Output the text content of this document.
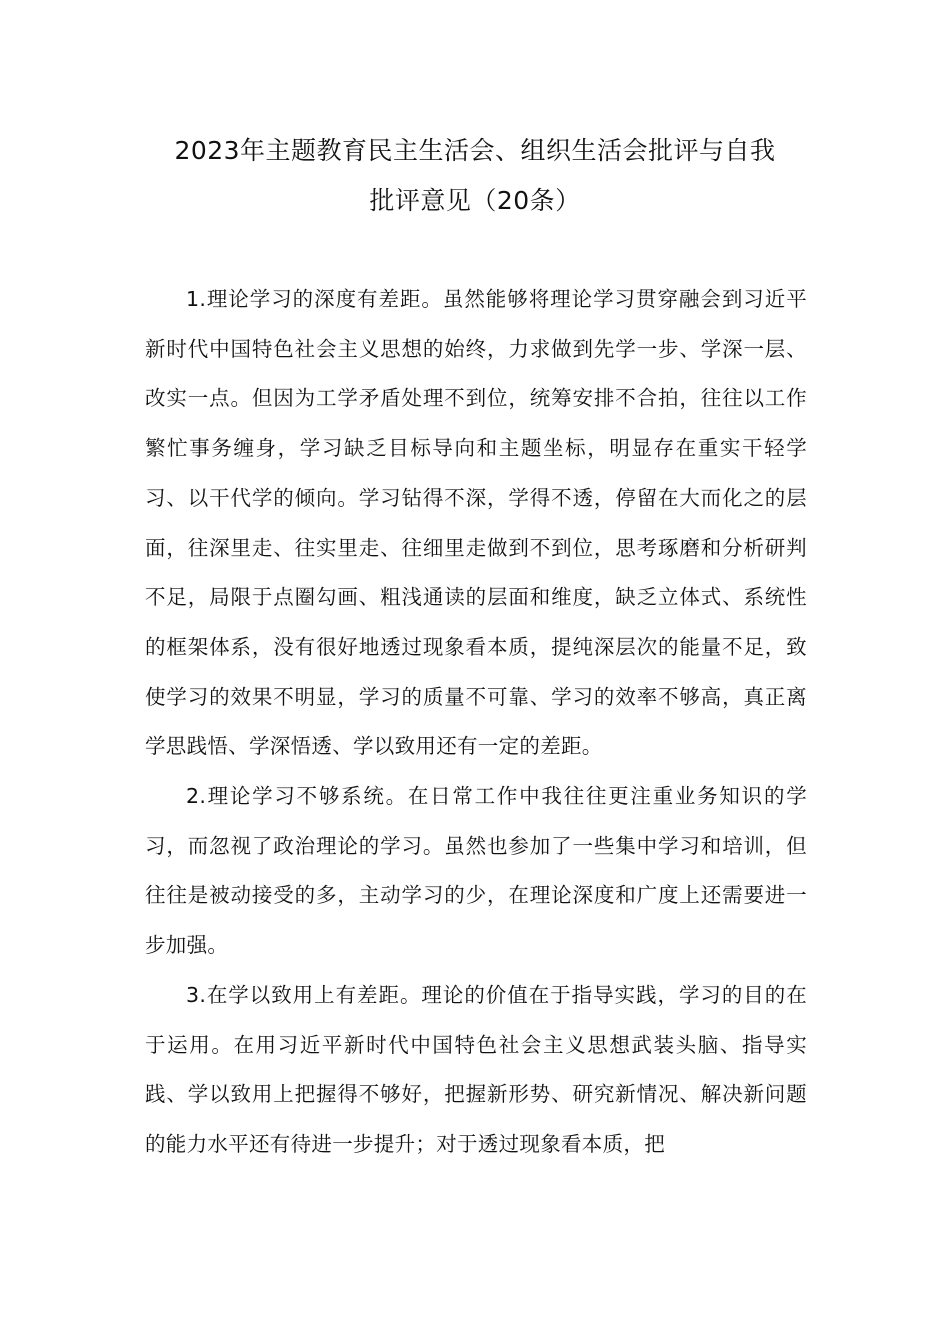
2023年主题教育民主生活会、组织生活会批评与自我
批评意见（20条）

1.理论学习的深度有差距。虽然能够将理论学习贯穿融会到习近平新时代中国特色社会主义思想的始终，力求做到先学一步、学深一层、改实一点。但因为工学矛盾处理不到位，统筹安排不合拍，往往以工作繁忙事务缠身，学习缺乏目标导向和主题坐标，明显存在重实干轻学习、以干代学的倾向。学习钻得不深，学得不透，停留在大而化之的层面，往深里走、往实里走、往细里走做到不到位，思考琢磨和分析研判不足，局限于点圈勾画、粗浅通读的层面和维度，缺乏立体式、系统性的框架体系，没有很好地透过现象看本质，提纯深层次的能量不足，致使学习的效果不明显，学习的质量不可靠、学习的效率不够高，真正离学思践悟、学深悟透、学以致用还有一定的差距。

2.理论学习不够系统。在日常工作中我往往更注重业务知识的学习，而忽视了政治理论的学习。虽然也参加了一些集中学习和培训，但往往是被动接受的多，主动学习的少，在理论深度和广度上还需要进一步加强。

3.在学以致用上有差距。理论的价值在于指导实践，学习的目的在于运用。在用习近平新时代中国特色社会主义思想武装头脑、指导实践、学以致用上把握得不够好，把握新形势、研究新情况、解决新问题的能力水平还有待进一步提升；对于透过现象看本质，把
